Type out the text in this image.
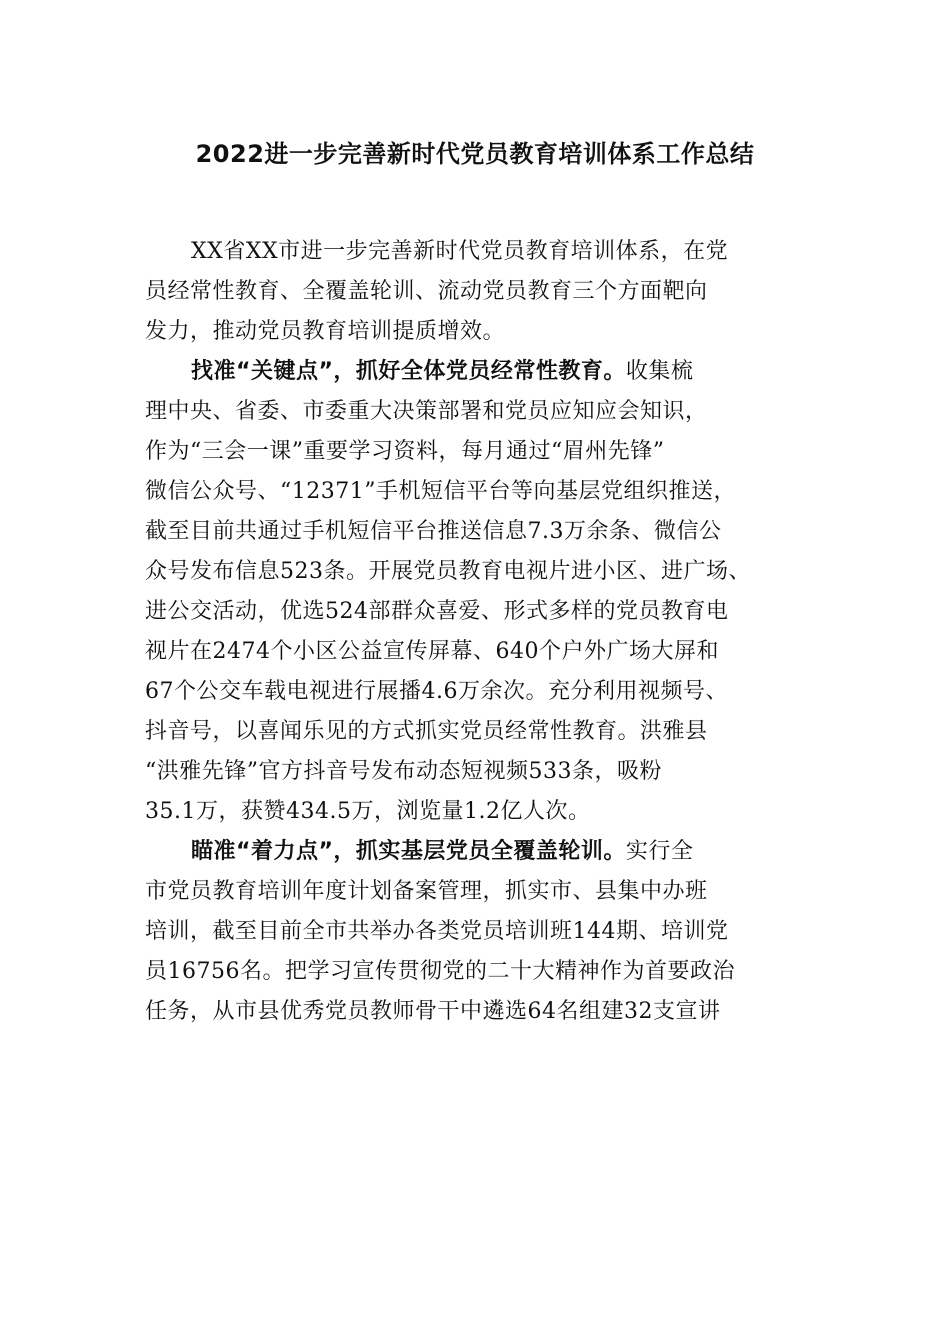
2022进一步完善新时代党员教育培训体系工作总结
XX省XX市进一步完善新时代党员教育培训体系，在党
员经常性教育、全覆盖轮训、流动党员教育三个方面靶向
发力，推动党员教育培训提质增效。
找准“关键点”，抓好全体党员经常性教育。收集梳
理中央、省委、市委重大决策部署和党员应知应会知识，
作为“三会一课”重要学习资料，每月通过“眉州先锋”
微信公众号、“12371”手机短信平台等向基层党组织推送，
截至目前共通过手机短信平台推送信息7.3万余条、微信公
众号发布信息523条。开展党员教育电视片进小区、进广场、
进公交活动，优选524部群众喜爱、形式多样的党员教育电
视片在2474个小区公益宣传屏幕、640个户外广场大屏和
67个公交车载电视进行展播4.6万余次。充分利用视频号、
抖音号，以喜闻乐见的方式抓实党员经常性教育。洪雅县
“洪雅先锋”官方抖音号发布动态短视频533条，吸粉
35.1万，获赞434.5万，浏览量1.2亿人次。
瞄准“着力点”，抓实基层党员全覆盖轮训。实行全
市党员教育培训年度计划备案管理，抓实市、县集中办班
培训，截至目前全市共举办各类党员培训班144期、培训党
员16756名。把学习宣传贯彻党的二十大精神作为首要政治
任务，从市县优秀党员教师骨干中遴选64名组建32支宣讲
